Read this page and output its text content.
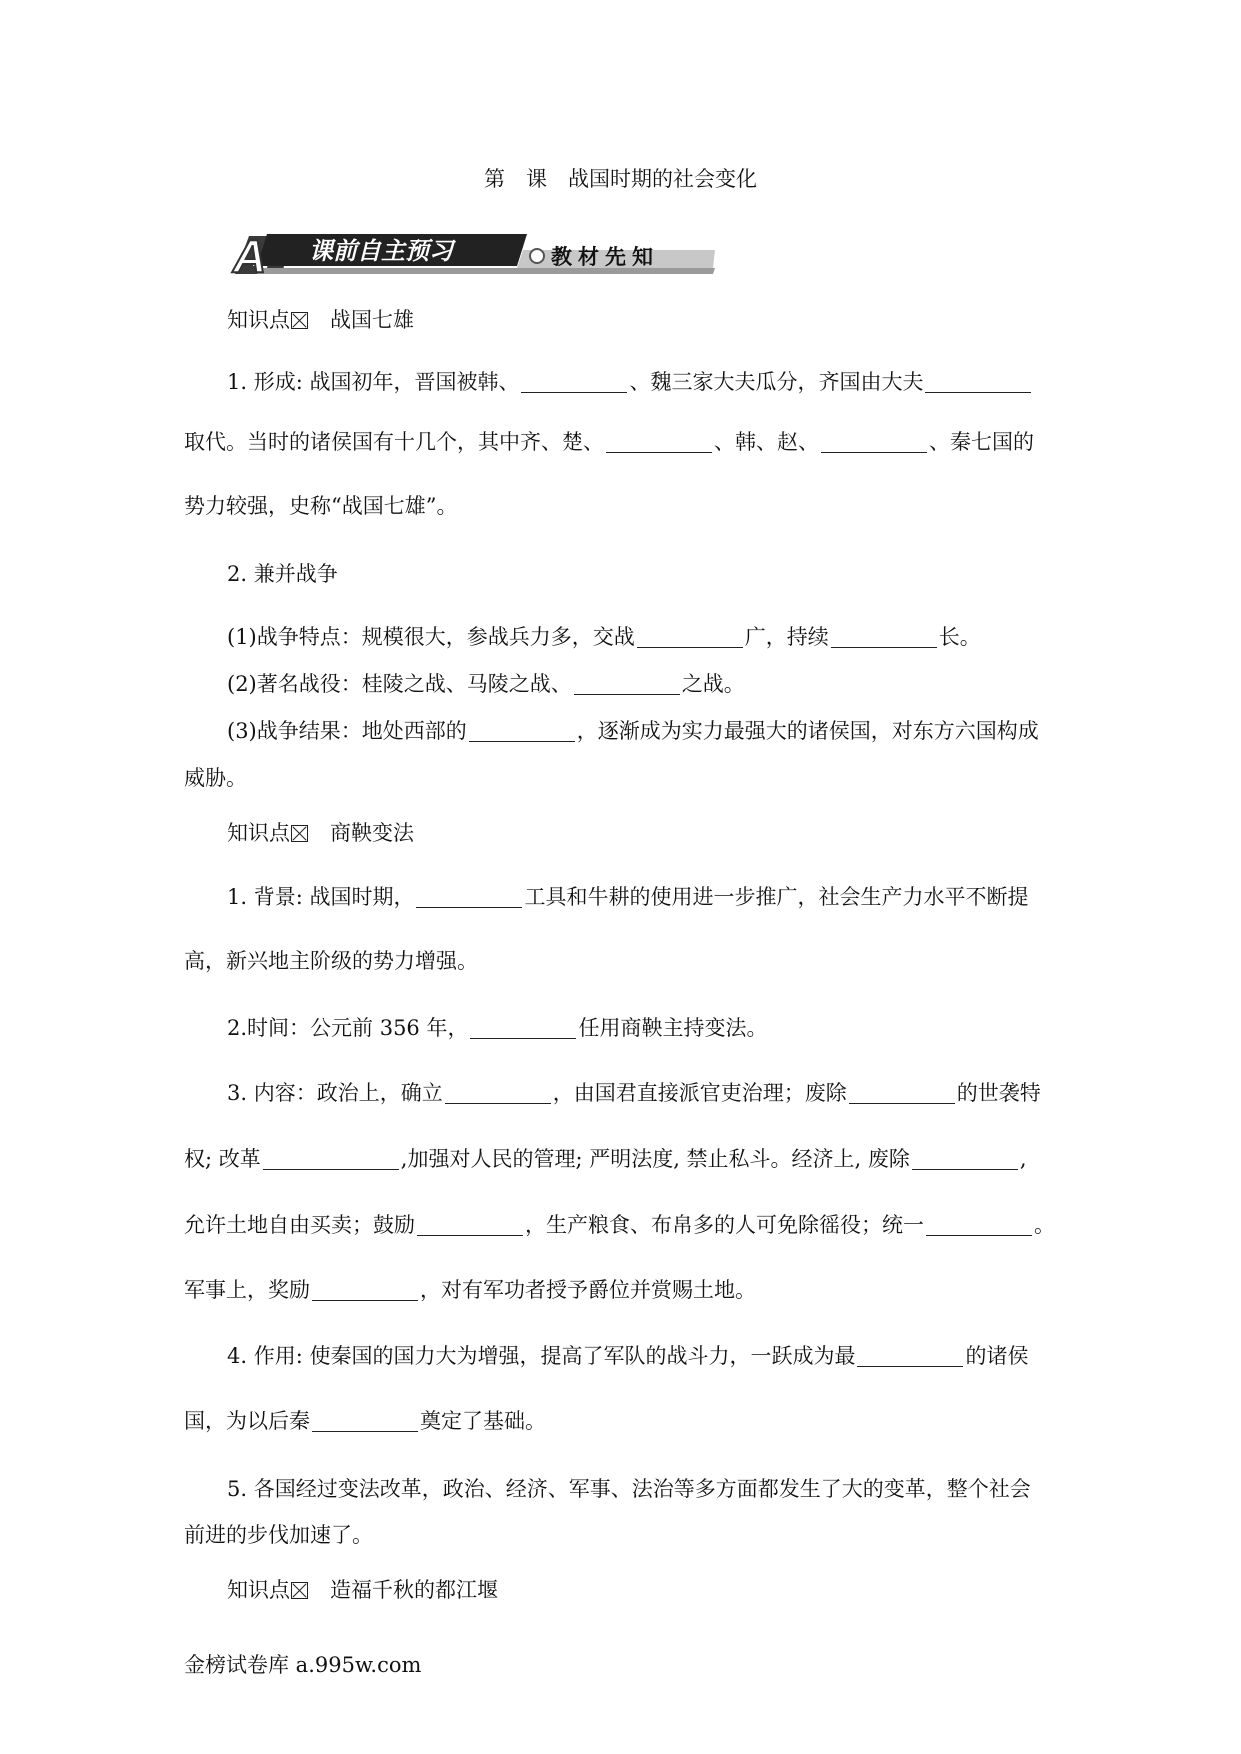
第　课　战国时期的社会变化
A 课前自主预习	教材先知
知识点 战国七雄
1. 形成: 战国初年，晋国被韩、	、魏三家大夫瓜分，齐国由大夫
取代。当时的诸侯国有十几个，其中齐、楚、	、韩、赵、	、秦七国的
势力较强，史称“战国七雄”。
2. 兼并战争
(1)战争特点：规模很大，参战兵力多，交战	广，持续	长。
(2)著名战役：桂陵之战、马陵之战、	之战。
(3)战争结果：地处西部的	，逐渐成为实力最强大的诸侯国，对东方六国构成
威胁。
知识点 商鞅变法
1. 背景: 战国时期，	工具和牛耕的使用进一步推广，社会生产力水平不断提
高，新兴地主阶级的势力增强。
2.时间：公元前 356 年，	任用商鞅主持变法。
3. 内容：政治上，确立	，由国君直接派官吏治理；废除	的世袭特
权; 改革	,加强对人民的管理; 严明法度, 禁止私斗。经济上, 废除	,
允许土地自由买卖；鼓励	，生产粮食、布帛多的人可免除徭役；统一	。
军事上，奖励	，对有军功者授予爵位并赏赐土地。
4. 作用: 使秦国的国力大为增强，提高了军队的战斗力，一跃成为最	的诸侯
国，为以后秦	奠定了基础。
5. 各国经过变法改革，政治、经济、军事、法治等多方面都发生了大的变革，整个社会
前进的步伐加速了。
知识点 造福千秋的都江堰
金榜试卷库 a.995w.com
